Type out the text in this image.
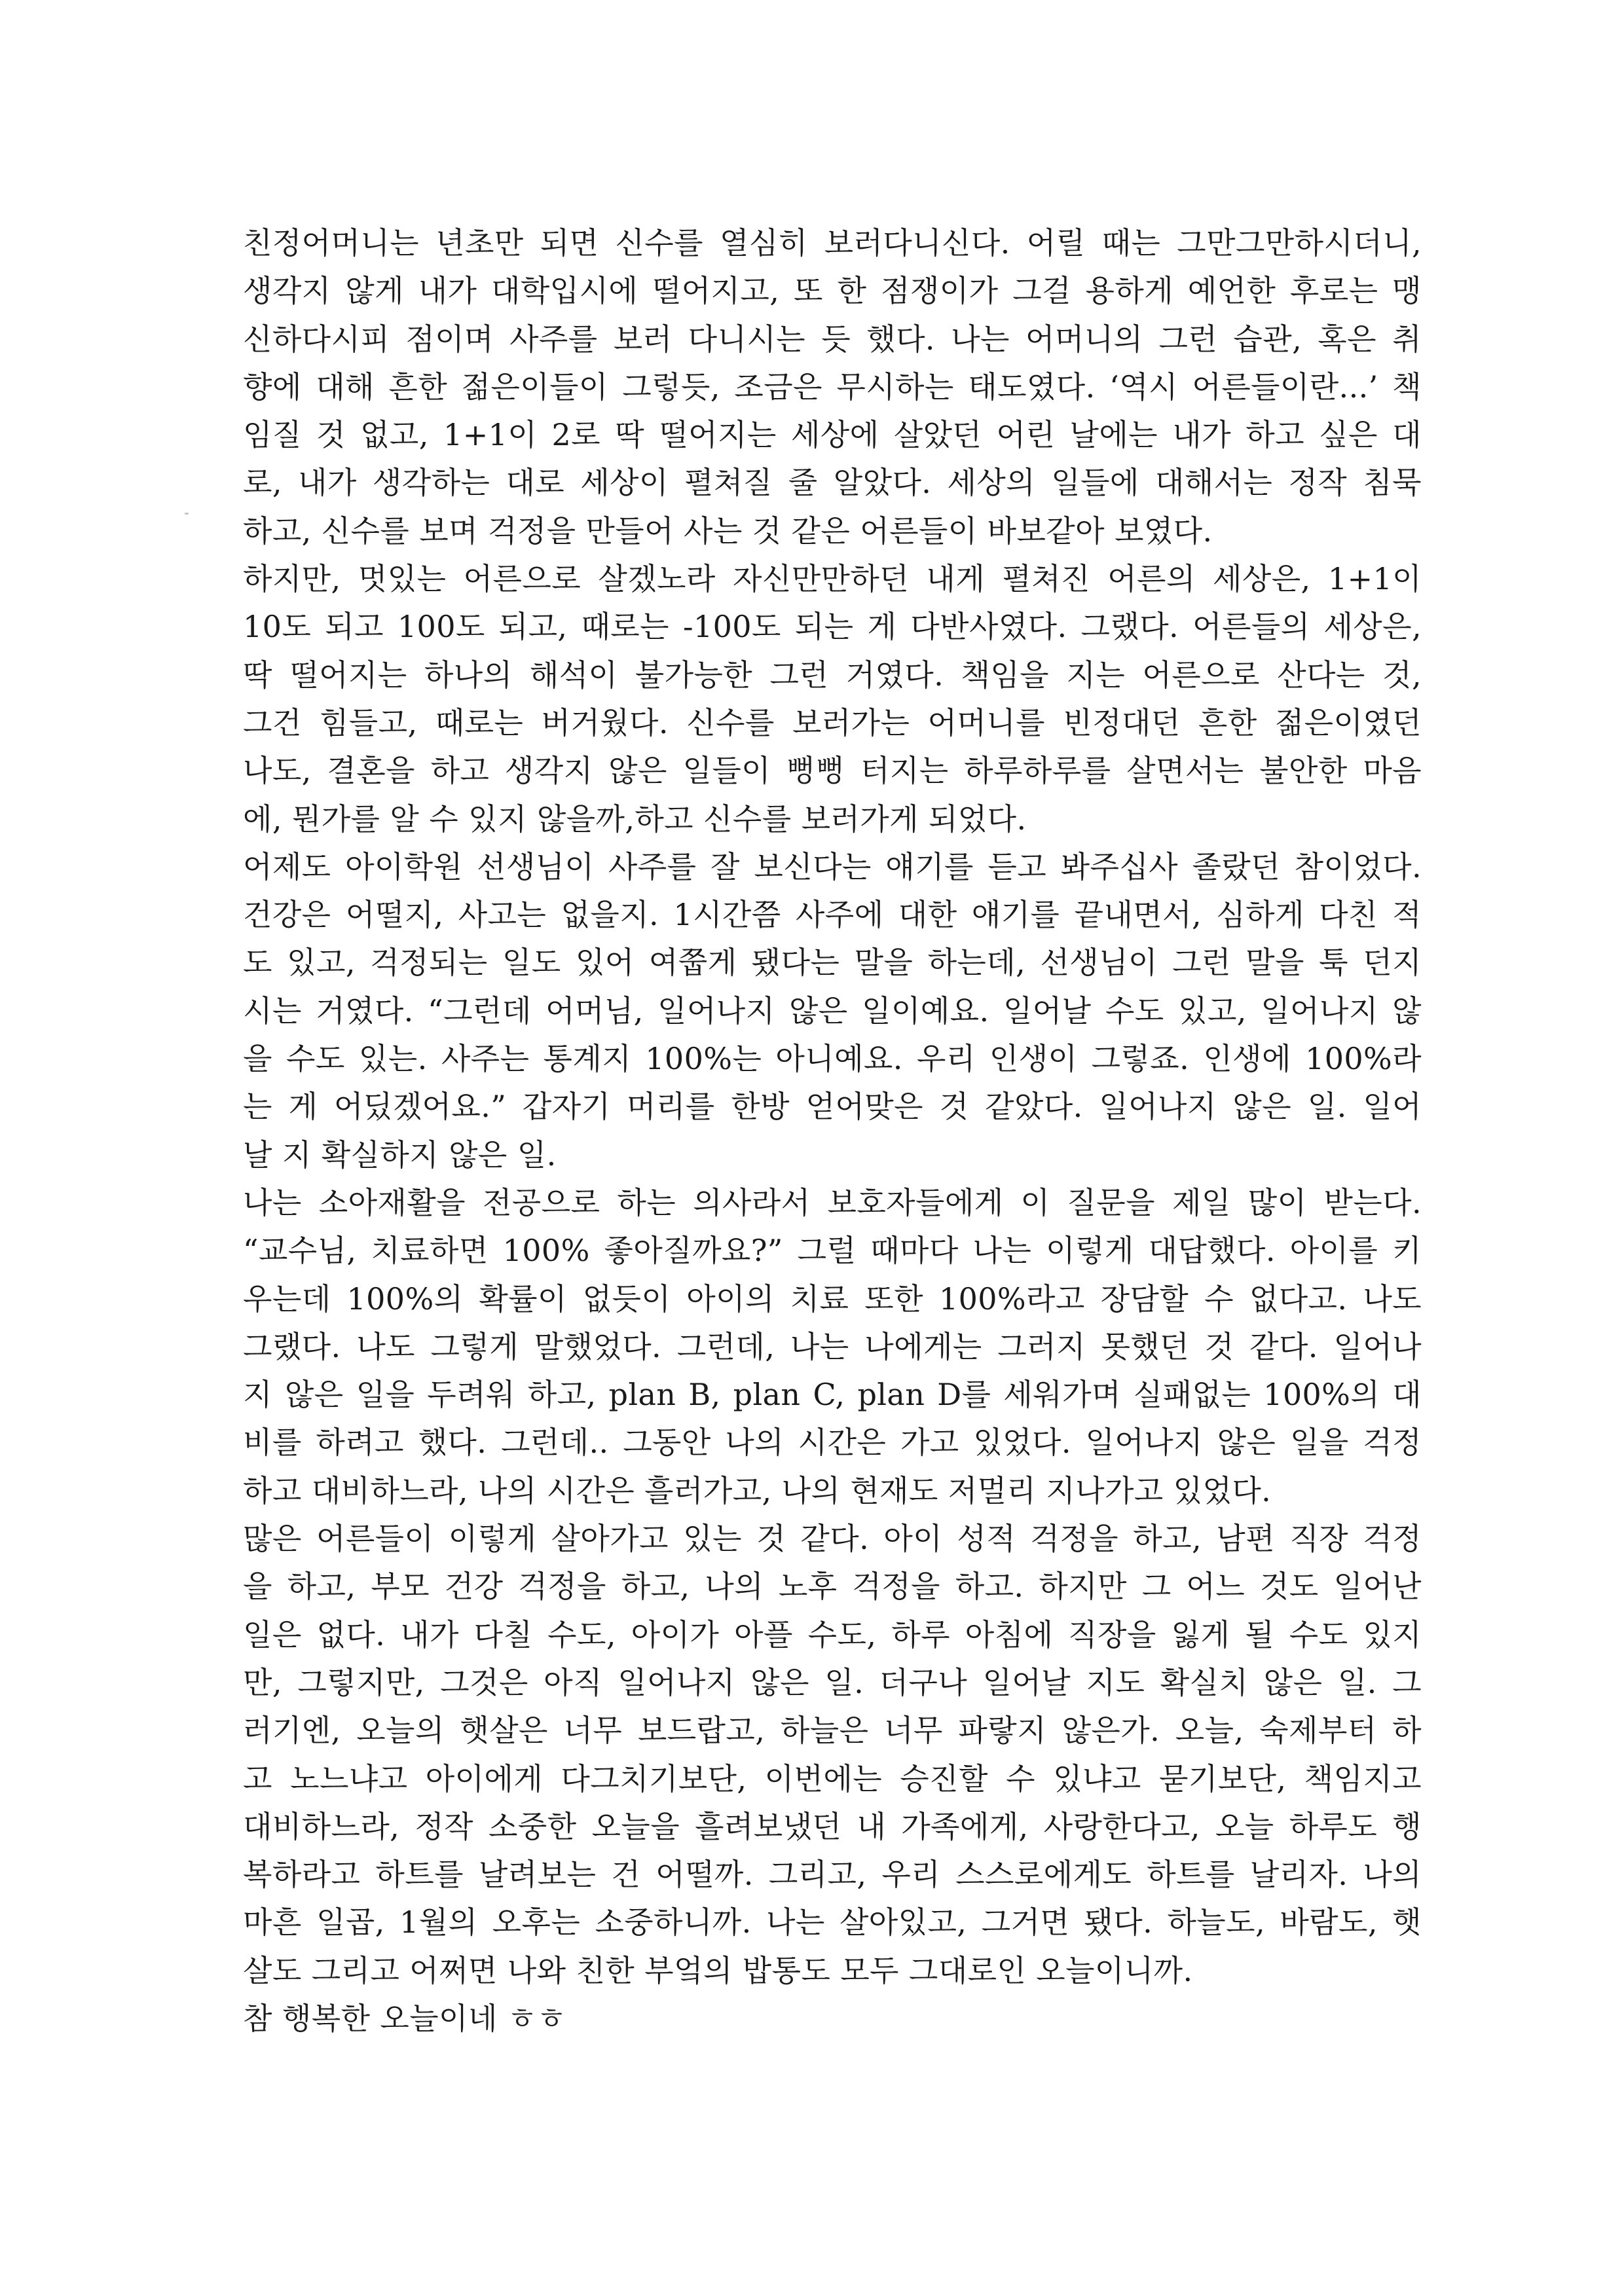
친정어머니는 년초만 되면 신수를 열심히 보러다니신다. 어릴 때는 그만그만하시더니,
생각지 않게 내가 대학입시에 떨어지고, 또 한 점쟁이가 그걸 용하게 예언한 후로는 맹
신하다시피 점이며 사주를 보러 다니시는 듯 했다. 나는 어머니의 그런 습관, 혹은 취
향에 대해 흔한 젊은이들이 그렇듯, 조금은 무시하는 태도였다. ‘역시 어른들이란...’ 책
임질 것 없고, 1+1이 2로 딱 떨어지는 세상에 살았던 어린 날에는 내가 하고 싶은 대
로, 내가 생각하는 대로 세상이 펼쳐질 줄 알았다. 세상의 일들에 대해서는 정작 침묵
하고, 신수를 보며 걱정을 만들어 사는 것 같은 어른들이 바보같아 보였다.
하지만, 멋있는 어른으로 살겠노라 자신만만하던 내게 펼쳐진 어른의 세상은, 1+1이
10도 되고 100도 되고, 때로는 -100도 되는 게 다반사였다. 그랬다. 어른들의 세상은,
딱 떨어지는 하나의 해석이 불가능한 그런 거였다. 책임을 지는 어른으로 산다는 것,
그건 힘들고, 때로는 버거웠다. 신수를 보러가는 어머니를 빈정대던 흔한 젊은이였던
나도, 결혼을 하고 생각지 않은 일들이 뻥뻥 터지는 하루하루를 살면서는 불안한 마음
에, 뭔가를 알 수 있지 않을까,하고 신수를 보러가게 되었다.
어제도 아이학원 선생님이 사주를 잘 보신다는 얘기를 듣고 봐주십사 졸랐던 참이었다.
건강은 어떨지, 사고는 없을지. 1시간쯤 사주에 대한 얘기를 끝내면서, 심하게 다친 적
도 있고, 걱정되는 일도 있어 여쭙게 됐다는 말을 하는데, 선생님이 그런 말을 툭 던지
시는 거였다. “그런데 어머님, 일어나지 않은 일이예요. 일어날 수도 있고, 일어나지 않
을 수도 있는. 사주는 통계지 100%는 아니예요. 우리 인생이 그렇죠. 인생에 100%라
는 게 어딨겠어요.” 갑자기 머리를 한방 얻어맞은 것 같았다. 일어나지 않은 일. 일어
날 지 확실하지 않은 일.
나는 소아재활을 전공으로 하는 의사라서 보호자들에게 이 질문을 제일 많이 받는다.
“교수님, 치료하면 100% 좋아질까요?” 그럴 때마다 나는 이렇게 대답했다. 아이를 키
우는데 100%의 확률이 없듯이 아이의 치료 또한 100%라고 장담할 수 없다고. 나도
그랬다. 나도 그렇게 말했었다. 그런데, 나는 나에게는 그러지 못했던 것 같다. 일어나
지 않은 일을 두려워 하고, plan B, plan C, plan D를 세워가며 실패없는 100%의 대
비를 하려고 했다. 그런데.. 그동안 나의 시간은 가고 있었다. 일어나지 않은 일을 걱정
하고 대비하느라, 나의 시간은 흘러가고, 나의 현재도 저멀리 지나가고 있었다.
많은 어른들이 이렇게 살아가고 있는 것 같다. 아이 성적 걱정을 하고, 남편 직장 걱정
을 하고, 부모 건강 걱정을 하고, 나의 노후 걱정을 하고. 하지만 그 어느 것도 일어난
일은 없다. 내가 다칠 수도, 아이가 아플 수도, 하루 아침에 직장을 잃게 될 수도 있지
만, 그렇지만, 그것은 아직 일어나지 않은 일. 더구나 일어날 지도 확실치 않은 일. 그
러기엔, 오늘의 햇살은 너무 보드랍고, 하늘은 너무 파랗지 않은가. 오늘, 숙제부터 하
고 노느냐고 아이에게 다그치기보단, 이번에는 승진할 수 있냐고 묻기보단, 책임지고
대비하느라, 정작 소중한 오늘을 흘려보냈던 내 가족에게, 사랑한다고, 오늘 하루도 행
복하라고 하트를 날려보는 건 어떨까. 그리고, 우리 스스로에게도 하트를 날리자. 나의
마흔 일곱, 1월의 오후는 소중하니까. 나는 살아있고, 그거면 됐다. 하늘도, 바람도, 햇
살도 그리고 어쩌면 나와 친한 부엌의 밥통도 모두 그대로인 오늘이니까.
참 행복한 오늘이네 ㅎㅎ
